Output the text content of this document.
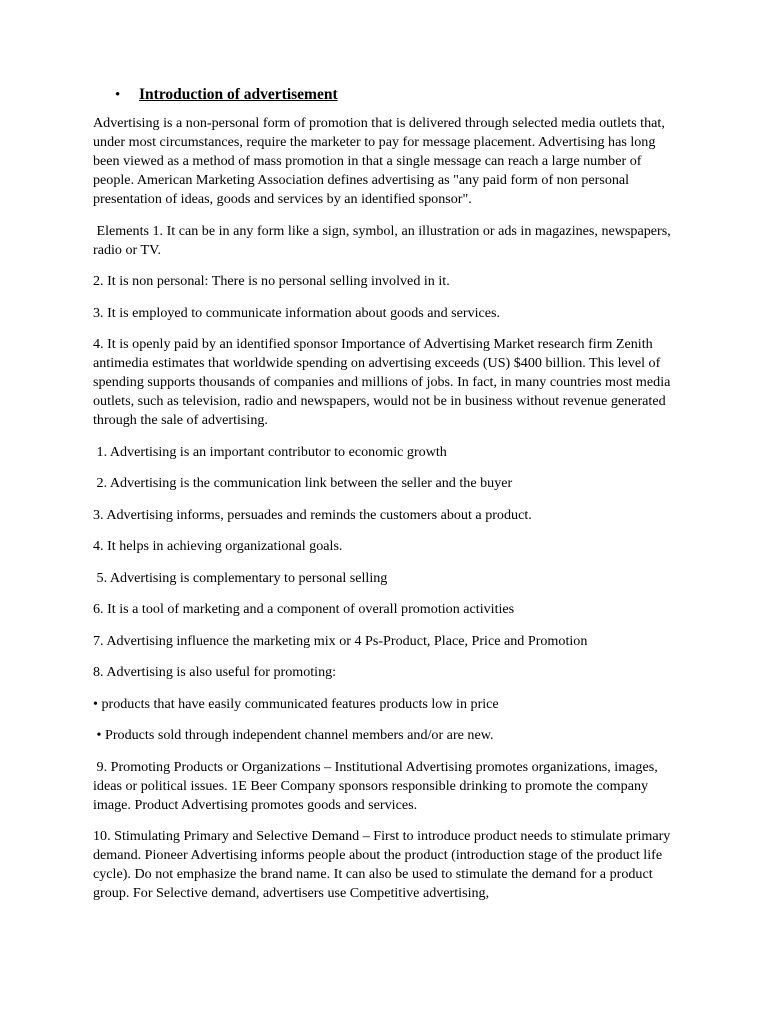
•	Introduction of advertisement

Advertising is a non-personal form of promotion that is delivered through selected media outlets that, under most circumstances, require the marketer to pay for message placement. Advertising has long been viewed as a method of mass promotion in that a single message can reach a large number of people. American Marketing Association defines advertising as "any paid form of non personal presentation of ideas, goods and services by an identified sponsor".

Elements 1. It can be in any form like a sign, symbol, an illustration or ads in magazines, newspapers, radio or TV.

2. It is non personal: There is no personal selling involved in it.

3. It is employed to communicate information about goods and services.

4. It is openly paid by an identified sponsor Importance of Advertising Market research firm Zenith antimedia estimates that worldwide spending on advertising exceeds (US) $400 billion. This level of spending supports thousands of companies and millions of jobs. In fact, in many countries most media outlets, such as television, radio and newspapers, would not be in business without revenue generated through the sale of advertising.

1. Advertising is an important contributor to economic growth

2. Advertising is the communication link between the seller and the buyer

3. Advertising informs, persuades and reminds the customers about a product.

4. It helps in achieving organizational goals.

5. Advertising is complementary to personal selling

6. It is a tool of marketing and a component of overall promotion activities

7. Advertising influence the marketing mix or 4 Ps-Product, Place, Price and Promotion

8. Advertising is also useful for promoting:

• products that have easily communicated features products low in price

• Products sold through independent channel members and/or are new.

9. Promoting Products or Organizations – Institutional Advertising promotes organizations, images, ideas or political issues. 1E Beer Company sponsors responsible drinking to promote the company image. Product Advertising promotes goods and services.

10. Stimulating Primary and Selective Demand – First to introduce product needs to stimulate primary demand. Pioneer Advertising informs people about the product (introduction stage of the product life cycle). Do not emphasize the brand name. It can also be used to stimulate the demand for a product group. For Selective demand, advertisers use Competitive advertising,
